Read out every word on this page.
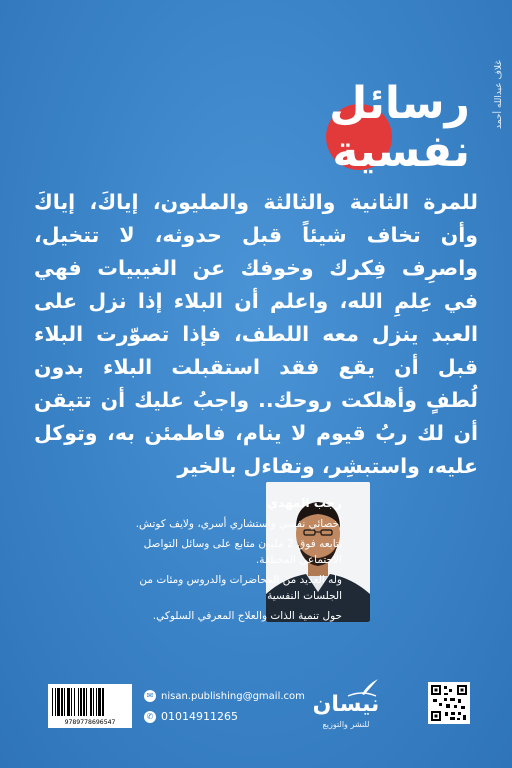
غلاف عبدالله أحمد
رسائل
نفسية
للمرة الثانية والثالثة والمليون، إياكَ، إياكَ
وأن تخاف شيئاً قبل حدوثه، لا تتخيل،
واصرِف فِكرك وخوفك عن الغيبيات فهي
في عِلمِ الله، واعلم أن البلاء إذا نزل على
العبد ينزل معه اللطف، فإذا تصوّرت البلاء
قبل أن يقع فقد استقبلت البلاء بدون
لُطفٍ وأهلكت روحك.. واجبُ عليك أن تتيقن
أن لك ربُ قيوم لا ينام، فاطمئن به، وتوكل
عليه، واستبشِر، وتفاءل بالخير
رجب المهدي

أخصائي نفسي واستشاري أسري، ولايف كوتش.

يتابعه فوق 2 مليون متابع على وسائل التواصل الاجتماعي المختلفة.

وله العديد من المحاضرات والدروس ومئات من الجلسات النفسية

حول تنمية الذات والعلاج المعرفي السلوكي.

نيسان
للنشر والتوزيع
✉ nisan.publishing@gmail.com
✆ 01014911265
9789778696547
